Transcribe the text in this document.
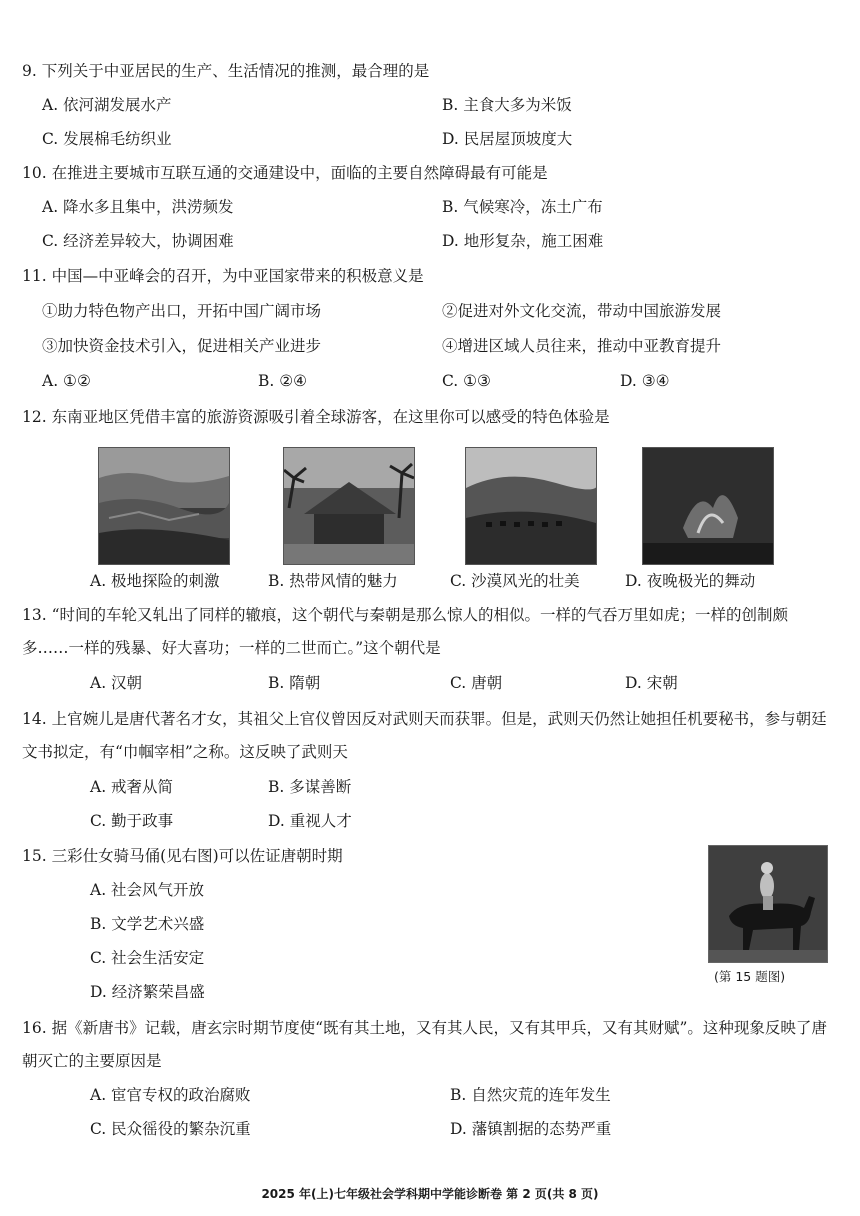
9. 下列关于中亚居民的生产、生活情况的推测，最合理的是
A. 依河湖发展水产	B. 主食大多为米饭
C. 发展棉毛纺织业	D. 民居屋顶坡度大
10. 在推进主要城市互联互通的交通建设中，面临的主要自然障碍最有可能是
A. 降水多且集中，洪涝频发	B. 气候寒冷，冻土广布
C. 经济差异较大，协调困难	D. 地形复杂，施工困难
11. 中国—中亚峰会的召开，为中亚国家带来的积极意义是
①助力特色物产出口，开拓中国广阔市场	②促进对外文化交流，带动中国旅游发展
③加快资金技术引入，促进相关产业进步	④增进区域人员往来，推动中亚教育提升
A. ①②	B. ②④	C. ①③	D. ③④
12. 东南亚地区凭借丰富的旅游资源吸引着全球游客，在这里你可以感受的特色体验是
A. 极地探险的刺激	B. 热带风情的魅力	C. 沙漠风光的壮美	D. 夜晚极光的舞动
13. “时间的车轮又轧出了同样的辙痕，这个朝代与秦朝是那么惊人的相似。一样的气吞万里如虎；一样的创制颇多……一样的残暴、好大喜功；一样的二世而亡。”这个朝代是
A. 汉朝	B. 隋朝	C. 唐朝	D. 宋朝
14. 上官婉儿是唐代著名才女，其祖父上官仪曾因反对武则天而获罪。但是，武则天仍然让她担任机要秘书，参与朝廷文书拟定，有“巾帼宰相”之称。这反映了武则天
A. 戒奢从简	B. 多谋善断
C. 勤于政事	D. 重视人才
15. 三彩仕女骑马俑(见右图)可以佐证唐朝时期
A. 社会风气开放
B. 文学艺术兴盛
C. 社会生活安定
D. 经济繁荣昌盛
(第 15 题图)
16. 据《新唐书》记载，唐玄宗时期节度使“既有其土地，又有其人民，又有其甲兵，又有其财赋”。这种现象反映了唐朝灭亡的主要原因是
A. 宦官专权的政治腐败	B. 自然灾荒的连年发生
C. 民众徭役的繁杂沉重	D. 藩镇割据的态势严重
2025 年(上)七年级社会学科期中学能诊断卷 第 2 页(共 8 页)
